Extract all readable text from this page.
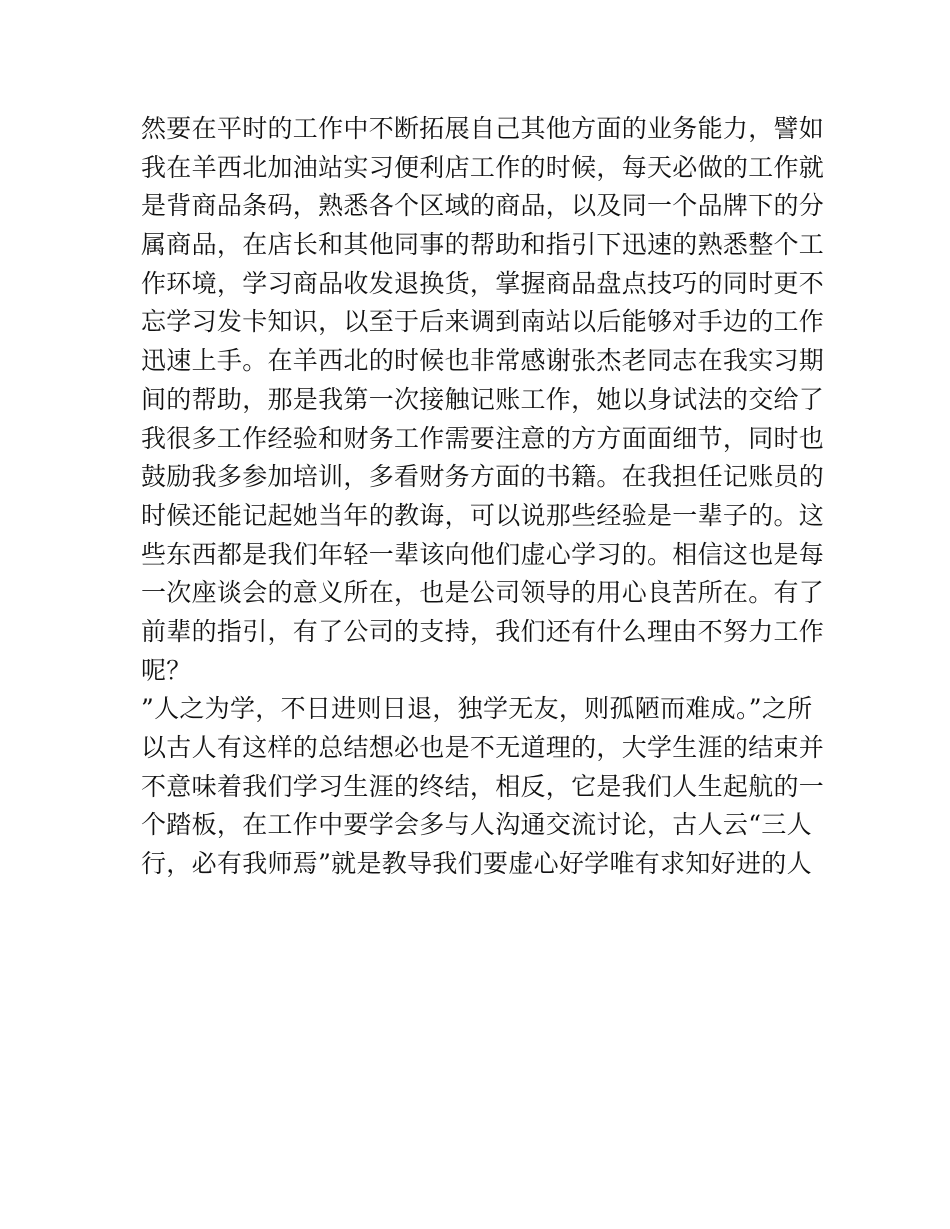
然要在平时的工作中不断拓展自己其他方面的业务能力，譬如
我在羊西北加油站实习便利店工作的时候，每天必做的工作就
是背商品条码，熟悉各个区域的商品，以及同一个品牌下的分
属商品，在店长和其他同事的帮助和指引下迅速的熟悉整个工
作环境，学习商品收发退换货，掌握商品盘点技巧的同时更不
忘学习发卡知识，以至于后来调到南站以后能够对手边的工作
迅速上手。在羊西北的时候也非常感谢张杰老同志在我实习期
间的帮助，那是我第一次接触记账工作，她以身试法的交给了
我很多工作经验和财务工作需要注意的方方面面细节，同时也
鼓励我多参加培训，多看财务方面的书籍。在我担任记账员的
时候还能记起她当年的教诲，可以说那些经验是一辈子的。这
些东西都是我们年轻一辈该向他们虚心学习的。相信这也是每
一次座谈会的意义所在，也是公司领导的用心良苦所在。有了
前辈的指引，有了公司的支持，我们还有什么理由不努力工作
呢？
”人之为学，不日进则日退，独学无友，则孤陋而难成。”之所
以古人有这样的总结想必也是不无道理的，大学生涯的结束并
不意味着我们学习生涯的终结，相反，它是我们人生起航的一
个踏板，在工作中要学会多与人沟通交流讨论，古人云“三人
行，必有我师焉”就是教导我们要虚心好学唯有求知好进的人
